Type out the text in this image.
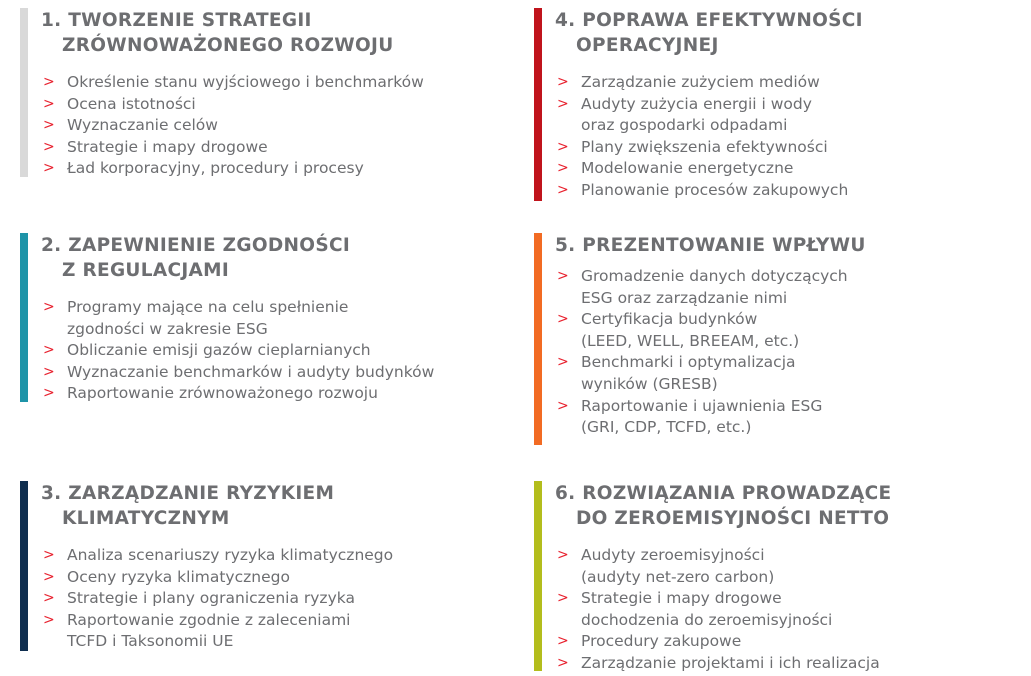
1. TWORZENIE STRATEGII
ZRÓWNOWAŻONEGO ROZWOJU
> Określenie stanu wyjściowego i benchmarków
> Ocena istotności
> Wyznaczanie celów
> Strategie i mapy drogowe
> Ład korporacyjny, procedury i procesy
2. ZAPEWNIENIE ZGODNOŚCI
Z REGULACJAMI
> Programy mające na celu spełnienie
zgodności w zakresie ESG
> Obliczanie emisji gazów cieplarnianych
> Wyznaczanie benchmarków i audyty budynków
> Raportowanie zrównoważonego rozwoju
3. ZARZĄDZANIE RYZYKIEM
KLIMATYCZNYM
> Analiza scenariuszy ryzyka klimatycznego
> Oceny ryzyka klimatycznego
> Strategie i plany ograniczenia ryzyka
> Raportowanie zgodnie z zaleceniami
TCFD i Taksonomii UE
4. POPRAWA EFEKTYWNOŚCI
OPERACYJNEJ
> Zarządzanie zużyciem mediów
> Audyty zużycia energii i wody
oraz gospodarki odpadami
> Plany zwiększenia efektywności
> Modelowanie energetyczne
> Planowanie procesów zakupowych
5. PREZENTOWANIE WPŁYWU
> Gromadzenie danych dotyczących
ESG oraz zarządzanie nimi
> Certyfikacja budynków
(LEED, WELL, BREEAM, etc.)
> Benchmarki i optymalizacja
wyników (GRESB)
> Raportowanie i ujawnienia ESG
(GRI, CDP, TCFD, etc.)
6. ROZWIĄZANIA PROWADZĄCE
DO ZEROEMISYJNOŚCI NETTO
> Audyty zeroemisyjności
(audyty net-zero carbon)
> Strategie i mapy drogowe
dochodzenia do zeroemisyjności
> Procedury zakupowe
> Zarządzanie projektami i ich realizacja
